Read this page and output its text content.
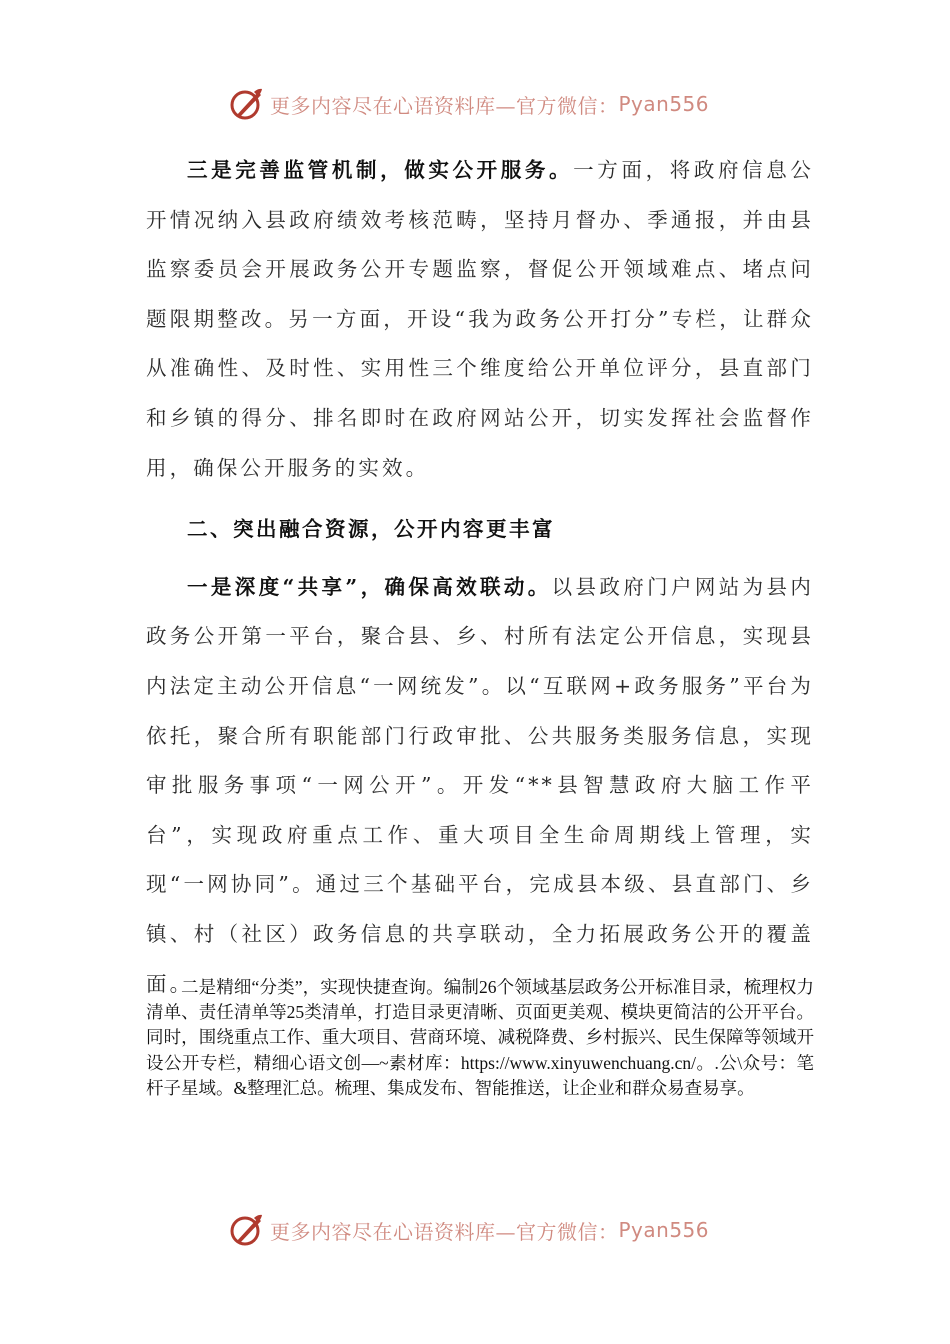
更多内容尽在心语资料库—官方微信： Pyan556

三是完善监管机制，做实公开服务。一方面，将政府信息公开情况纳入县政府绩效考核范畴，坚持月督办、季通报，并由县监察委员会开展政务公开专题监察，督促公开领域难点、堵点问题限期整改。另一方面，开设“我为政务公开打分”专栏，让群众从准确性、及时性、实用性三个维度给公开单位评分，县直部门和乡镇的得分、排名即时在政府网站公开，切实发挥社会监督作用，确保公开服务的实效。

二、突出融合资源，公开内容更丰富

一是深度“共享”，确保高效联动。以县政府门户网站为县内政务公开第一平台，聚合县、乡、村所有法定公开信息，实现县内法定主动公开信息“一网统发”。以“互联网+政务服务”平台为依托，聚合所有职能部门行政审批、公共服务类服务信息，实现审批服务事项“一网公开”。开发“**县智慧政府大脑工作平台”，实现政府重点工作、重大项目全生命周期线上管理，实现“一网协同”。通过三个基础平台，完成县本级、县直部门、乡镇、村（社区）政务信息的共享联动，全力拓展政务公开的覆盖面。

二是精细“分类”，实现快捷查询。编制26个领域基层政务公开标准目录，梳理权力清单、责任清单等25类清单，打造目录更清晰、页面更美观、模块更简洁的公开平台。同时，围绕重点工作、重大项目、营商环境、减税降费、乡村振兴、民生保障等领域开设公开专栏，精细心语文创—~素材库：https://www.xinyuwenchuang.cn/。.公\众号：笔杆子星域。&整理汇总。梳理、集成发布、智能推送，让企业和群众易查易享。

更多内容尽在心语资料库—官方微信： Pyan556
